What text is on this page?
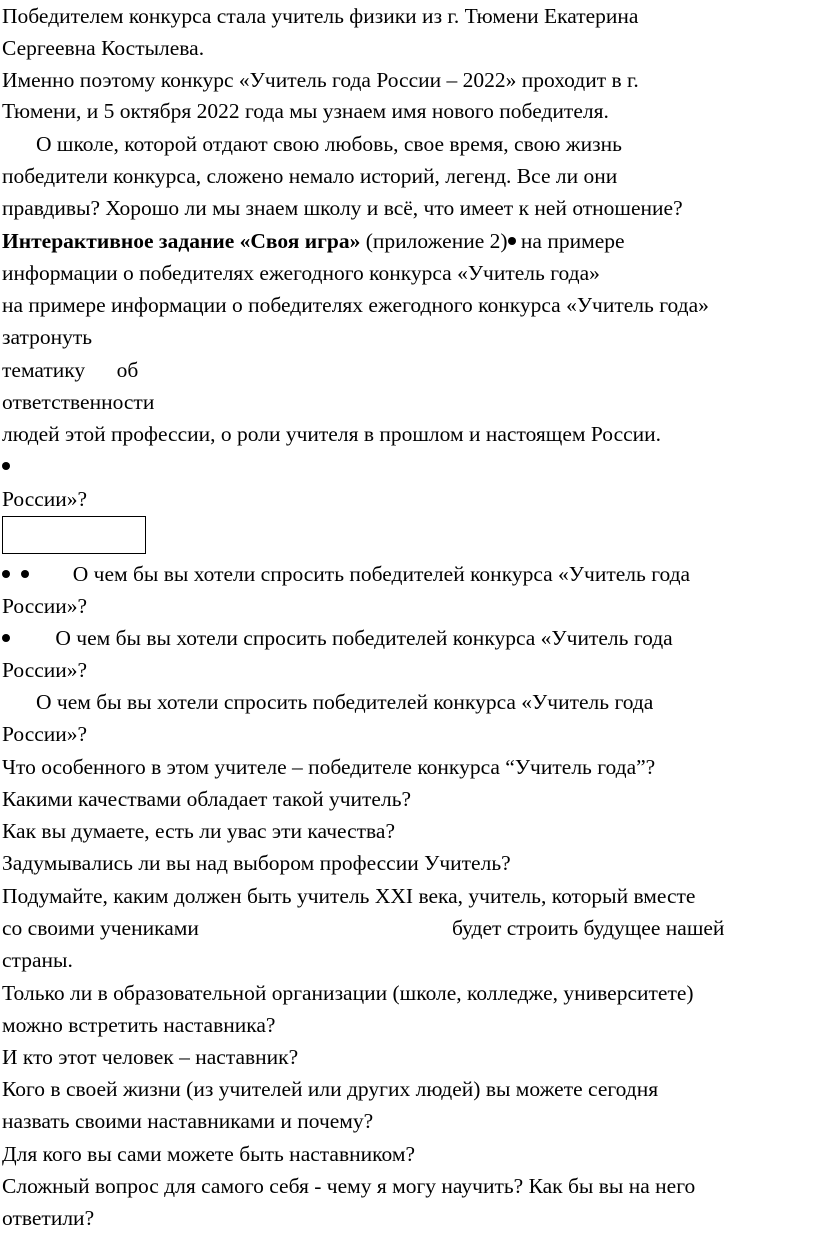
Победителем конкурса стала учитель физики из г. Тюмени Екатерина
Сергеевна Костылева.
Именно поэтому конкурс «Учитель года России – 2022» проходит в г.
Тюмени, и 5 октября 2022 года мы узнаем имя нового победителя.
О школе, которой отдают свою любовь, свое время, свою жизнь
победители конкурса, сложено немало историй, легенд. Все ли они
правдивы? Хорошо ли мы знаем школу и всё, что имеет к ней отношение?
Интерактивное задание «Своя игра» (приложение 2) на примере
информации о победителях ежегодного конкурса «Учитель года»
на примере информации о победителях ежегодного конкурса «Учитель года»
затронуть
тематику об
ответственности
людей этой профессии, о роли учителя в прошлом и настоящем России.
России»?
О чем бы вы хотели спросить победителей конкурса «Учитель года
России»?
О чем бы вы хотели спросить победителей конкурса «Учитель года
России»?
О чем бы вы хотели спросить победителей конкурса «Учитель года
России»?
Что особенного в этом учителе – победителе конкурса “Учитель года”?
Какими качествами обладает такой учитель?
Как вы думаете, есть ли увас эти качества?
Задумывались ли вы над выбором профессии Учитель?
Подумайте, каким должен быть учитель XXI века, учитель, который вместе
со своими учениками	будет строить будущее нашей
страны.
Только ли в образовательной организации (школе, колледже, университете)
можно встретить наставника?
И кто этот человек – наставник?
Кого в своей жизни (из учителей или других людей) вы можете сегодня
назвать своими наставниками и почему?
Для кого вы сами можете быть наставником?
Сложный вопрос для самого себя - чему я могу научить? Как бы вы на него
ответили?
